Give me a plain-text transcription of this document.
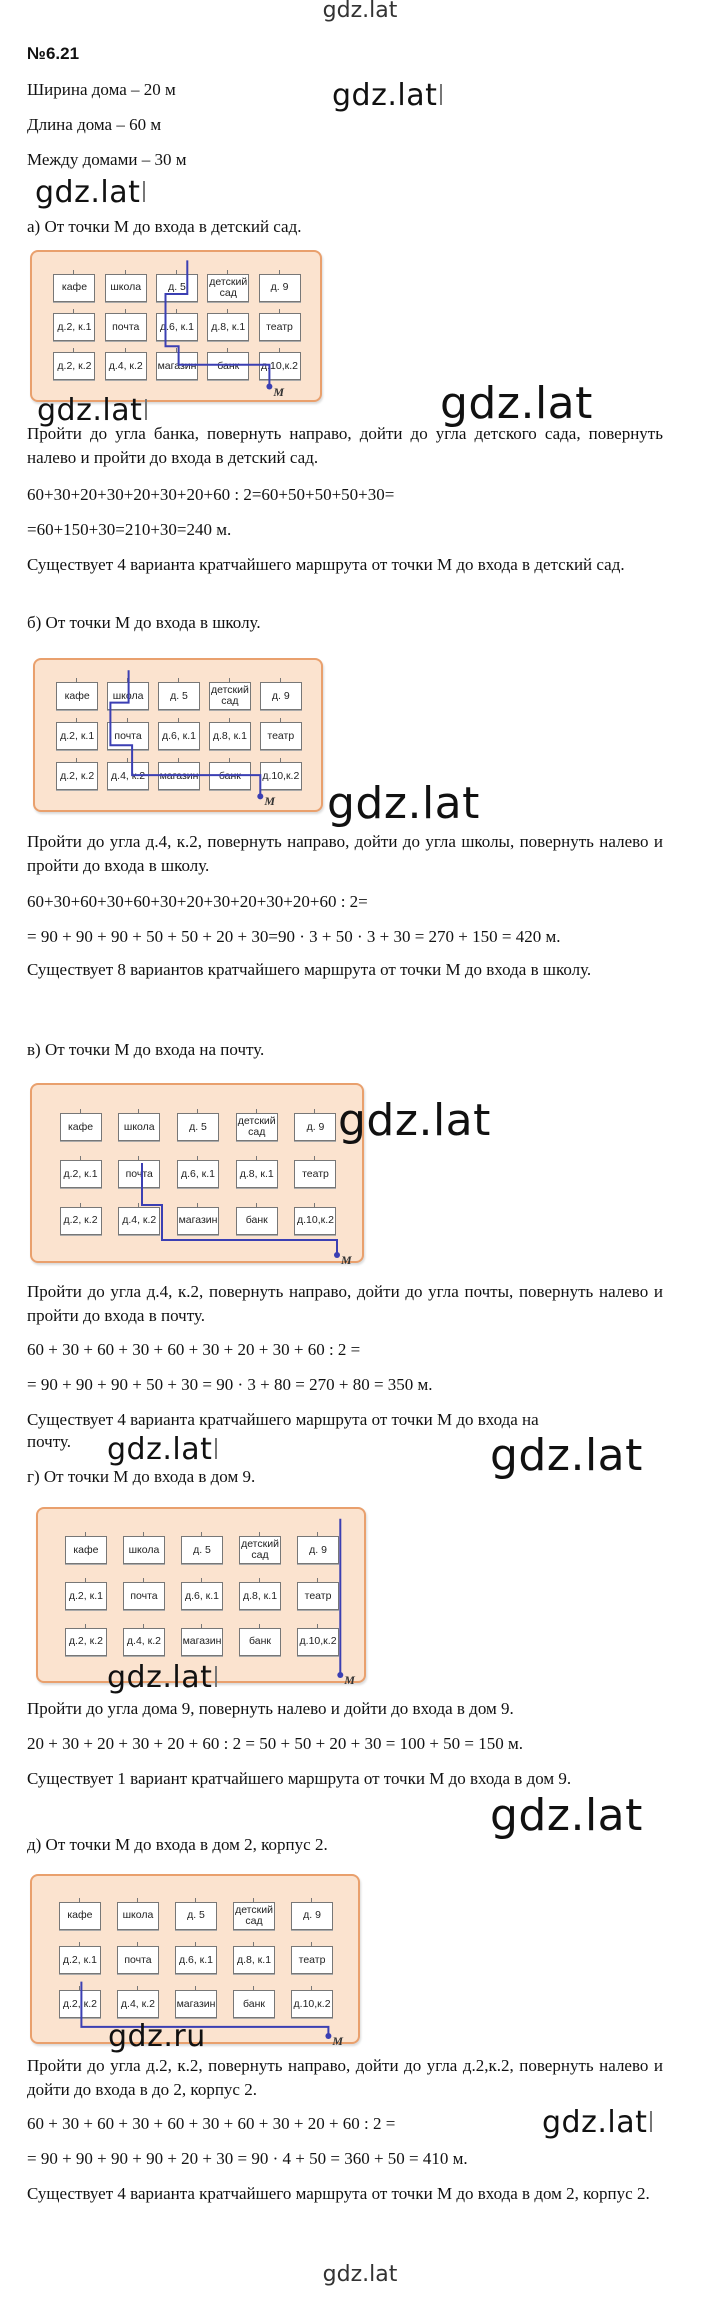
gdz.lat
№6.21
Ширина дома – 20 м
Длина дома – 60 м
Между домами – 30 м
а) От точки М до входа в детский сад.
кафе	школа	д. 5	детский сад	д. 9
д.2, к.1	почта	д.6, к.1	д.8, к.1	театр
д.2, к.2	д.4, к.2	магазин	банк	д.10,к.2
M
Пройти до угла банка, повернуть направо, дойти до угла детского сада, повернуть налево и пройти до входа в детский сад.
60+30+20+30+20+30+20+60 : 2=60+50+50+50+30=
=60+150+30=210+30=240 м.
Существует 4 варианта кратчайшего маршрута от точки М до входа в детский сад.
б) От точки М до входа в школу.
кафе	школа	д. 5	детский сад	д. 9
д.2, к.1	почта	д.6, к.1	д.8, к.1	театр
д.2, к.2	д.4, к.2	магазин	банк	д.10,к.2
M
Пройти до угла д.4, к.2, повернуть направо, дойти до угла школы, повернуть налево и пройти до входа в школу.
60+30+60+30+60+30+20+30+20+30+20+60 : 2=
= 90 + 90 + 90 + 50 + 50 + 20 + 30=90 · 3 + 50 · 3 + 30 = 270 + 150 = 420 м.
Существует 8 вариантов кратчайшего маршрута от точки М до входа в школу.
в) От точки М до входа на почту.
кафе	школа	д. 5	детский сад	д. 9
д.2, к.1	почта	д.6, к.1	д.8, к.1	театр
д.2, к.2	д.4, к.2	магазин	банк	д.10,к.2
M
Пройти до угла д.4, к.2, повернуть направо, дойти до угла почты, повернуть налево и пройти до входа в почту.
60 + 30 + 60 + 30 + 60 + 30 + 20 + 30 + 60 : 2 =
= 90 + 90 + 90 + 50 + 30 = 90 · 3 + 80 = 270 + 80 = 350 м.
Существует 4 варианта кратчайшего маршрута от точки М до входа на
почту.
г) От точки М до входа в дом 9.
кафе	школа	д. 5	детский сад	д. 9
д.2, к.1	почта	д.6, к.1	д.8, к.1	театр
д.2, к.2	д.4, к.2	магазин	банк	д.10,к.2
M
Пройти до угла дома 9, повернуть налево и дойти до входа в дом 9.
20 + 30 + 20 + 30 + 20 + 60 : 2 = 50 + 50 + 20 + 30 = 100 + 50 = 150 м.
Существует 1 вариант кратчайшего маршрута от точки М до входа в дом 9.
д) От точки М до входа в дом 2, корпус 2.
кафе	школа	д. 5	детский сад	д. 9
д.2, к.1	почта	д.6, к.1	д.8, к.1	театр
д.2, к.2	д.4, к.2	магазин	банк	д.10,к.2
M
Пройти до угла д.2, к.2, повернуть направо, дойти до угла д.2,к.2, повернуть налево и дойти до входа в до 2, корпус 2.
60 + 30 + 60 + 30 + 60 + 30 + 60 + 30 + 20 + 60 : 2 =
= 90 + 90 + 90 + 90 + 20 + 30 = 90 · 4 + 50 = 360 + 50 = 410 м.
Существует 4 варианта кратчайшего маршрута от точки М до входа в дом 2, корпус 2.
gdz.lat
gdz.lat
gdz.lat
gdz.lat	gdz.lat
gdz.lat
gdz.lat
gdz.lat	gdz.lat
gdz.lat
gdz.lat
gdz.ru
gdz.lat
